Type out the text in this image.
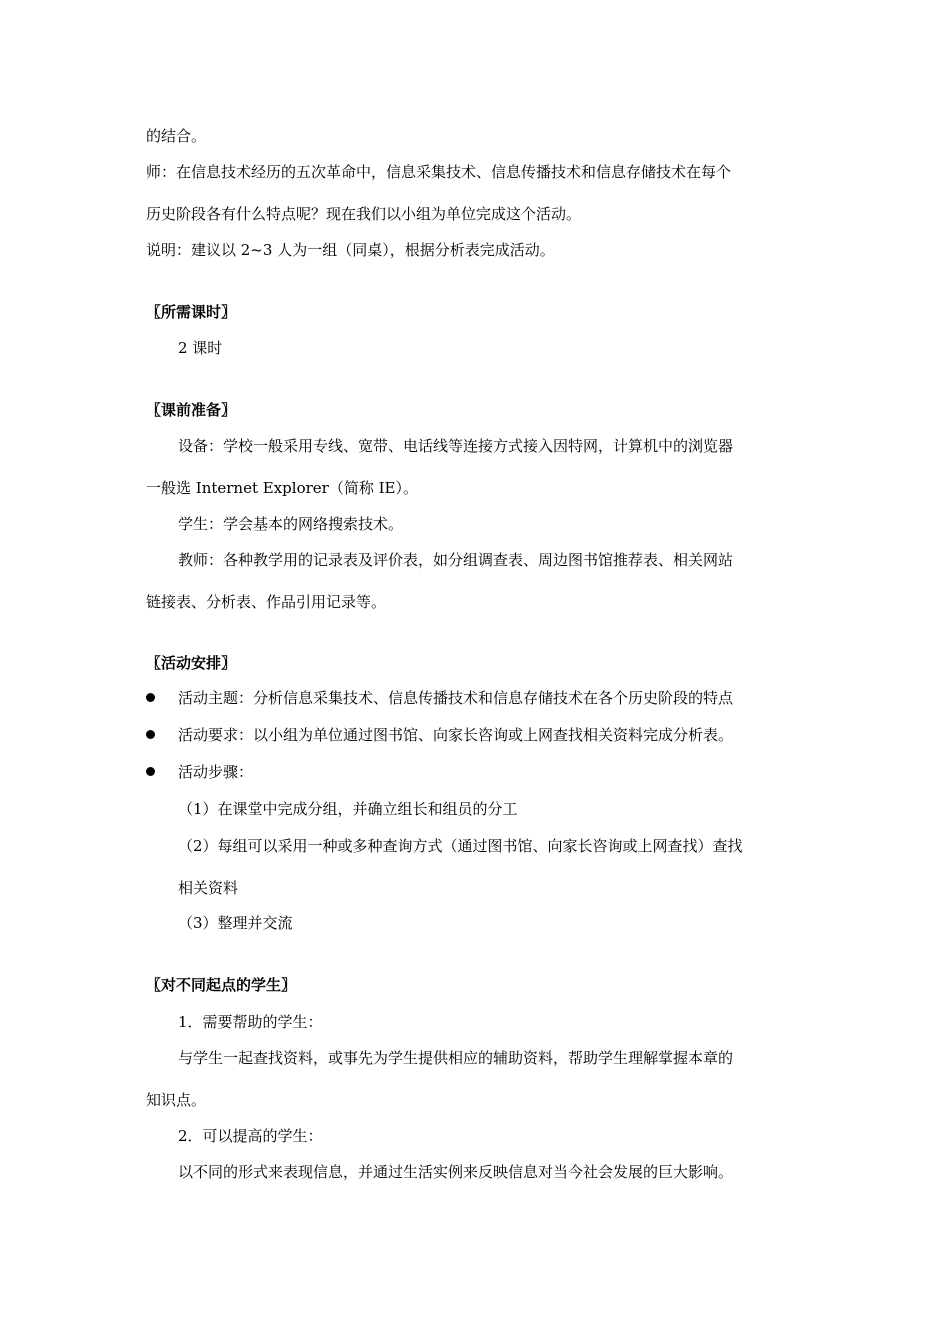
的结合。
师：在信息技术经历的五次革命中，信息采集技术、信息传播技术和信息存储技术在每个
历史阶段各有什么特点呢？现在我们以小组为单位完成这个活动。
说明：建议以 2~3 人为一组（同桌），根据分析表完成活动。
〖所需课时〗
2 课时
〖课前准备〗
设备：学校一般采用专线、宽带、电话线等连接方式接入因特网，计算机中的浏览器
一般选 Internet Explorer（简称 IE）。
学生：学会基本的网络搜索技术。
教师：各种教学用的记录表及评价表，如分组调查表、周边图书馆推荐表、相关网站
链接表、分析表、作品引用记录等。
〖活动安排〗
活动主题：分析信息采集技术、信息传播技术和信息存储技术在各个历史阶段的特点
活动要求：以小组为单位通过图书馆、向家长咨询或上网查找相关资料完成分析表。
活动步骤：
（1）在课堂中完成分组，并确立组长和组员的分工
（2）每组可以采用一种或多种查询方式（通过图书馆、向家长咨询或上网查找）查找
相关资料
（3）整理并交流
〖对不同起点的学生〗
1．需要帮助的学生：
与学生一起查找资料，或事先为学生提供相应的辅助资料，帮助学生理解掌握本章的
知识点。
2．可以提高的学生：
以不同的形式来表现信息，并通过生活实例来反映信息对当今社会发展的巨大影响。
